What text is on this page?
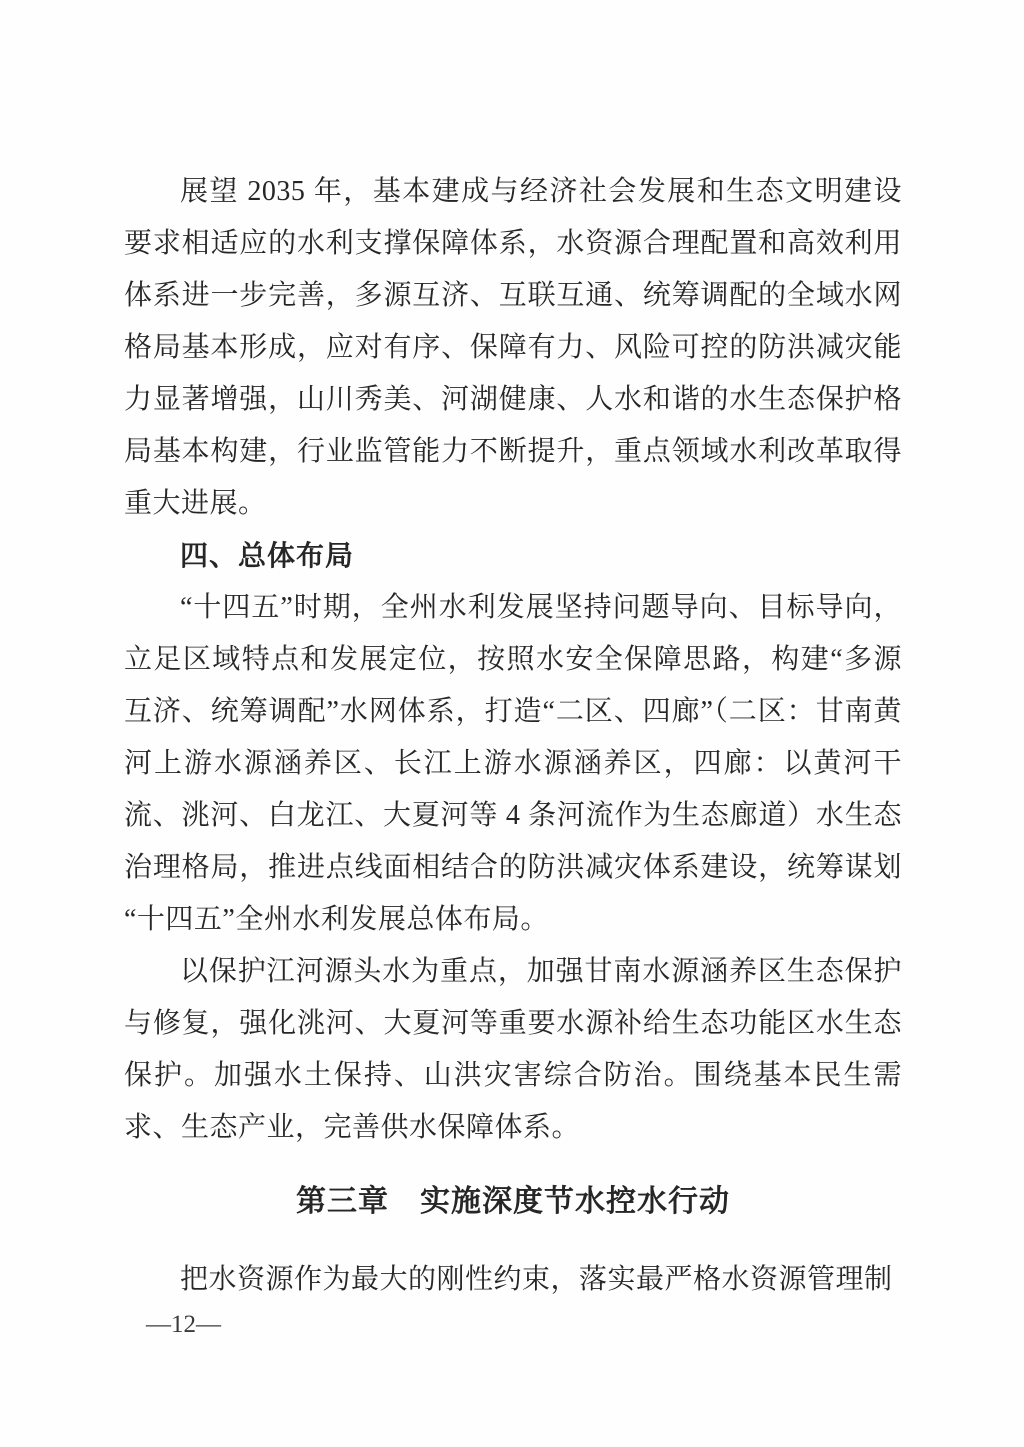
展望 2035 年，基本建成与经济社会发展和生态文明建设要求相适应的水利支撑保障体系，水资源合理配置和高效利用体系进一步完善，多源互济、互联互通、统筹调配的全域水网格局基本形成，应对有序、保障有力、风险可控的防洪减灾能力显著增强，山川秀美、河湖健康、人水和谐的水生态保护格局基本构建，行业监管能力不断提升，重点领域水利改革取得重大进展。

四、总体布局

“十四五”时期，全州水利发展坚持问题导向、目标导向，立足区域特点和发展定位，按照水安全保障思路，构建“多源互济、统筹调配”水网体系，打造“二区、四廊”（二区：甘南黄河上游水源涵养区、长江上游水源涵养区，四廊：以黄河干流、洮河、白龙江、大夏河等 4 条河流作为生态廊道）水生态治理格局，推进点线面相结合的防洪减灾体系建设，统筹谋划“十四五”全州水利发展总体布局。

以保护江河源头水为重点，加强甘南水源涵养区生态保护与修复，强化洮河、大夏河等重要水源补给生态功能区水生态保护。加强水土保持、山洪灾害综合防治。围绕基本民生需求、生态产业，完善供水保障体系。

第三章　实施深度节水控水行动

把水资源作为最大的刚性约束，落实最严格水资源管理制

—12—
